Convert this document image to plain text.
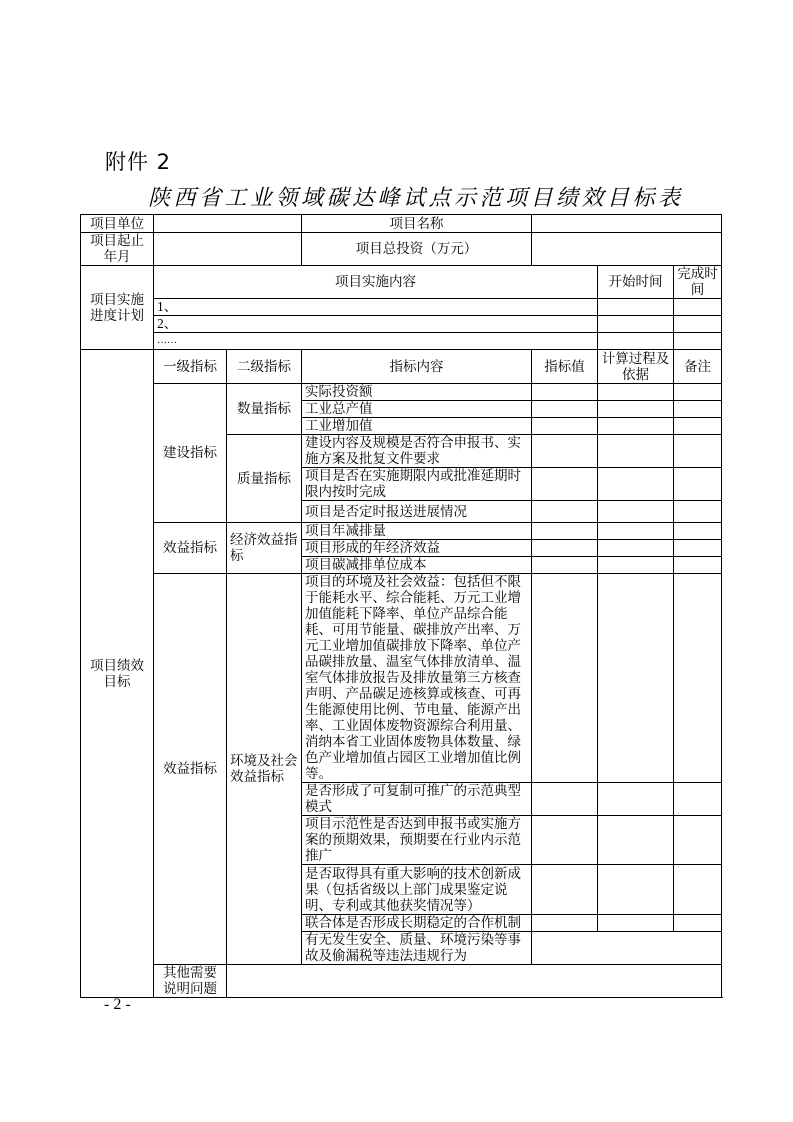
附件 2
陕西省工业领域碳达峰试点示范项目绩效目标表
项目单位			项目名称			
项目起止年月			项目总投资（万元）			
项目实施进度计划	项目实施内容				开始时间	完成时间
	1、					
	2、					
	……					
项目绩效目标	一级指标	二级指标	指标内容	指标值	计算过程及依据	备注
	建设指标	数量指标	实际投资额			
			工业总产值			
			工业增加值			
		质量指标	建设内容及规模是否符合申报书、实施方案及批复文件要求			
			项目是否在实施期限内或批准延期时限内按时完成			
			项目是否定时报送进展情况			
	效益指标	经济效益指标	项目年减排量			
			项目形成的年经济效益			
			项目碳减排单位成本			
	效益指标	环境及社会效益指标	项目的环境及社会效益：包括但不限于能耗水平、综合能耗、万元工业增加值能耗下降率、单位产品综合能耗、可用节能量、碳排放产出率、万元工业增加值碳排放下降率、单位产品碳排放量、温室气体排放清单、温室气体排放报告及排放量第三方核查声明、产品碳足迹核算或核查、可再生能源使用比例、节电量、能源产出率、工业固体废物资源综合利用量、消纳本省工业固体废物具体数量、绿色产业增加值占园区工业增加值比例等。			
			是否形成了可复制可推广的示范典型模式			
			项目示范性是否达到申报书或实施方案的预期效果，预期要在行业内示范推广			
			是否取得具有重大影响的技术创新成果（包括省级以上部门成果鉴定说明、专利或其他获奖情况等）			
			联合体是否形成长期稳定的合作机制			
			有无发生安全、质量、环境污染等事故及偷漏税等违法违规行为			
	其他需要说明问题					
- 2 -
